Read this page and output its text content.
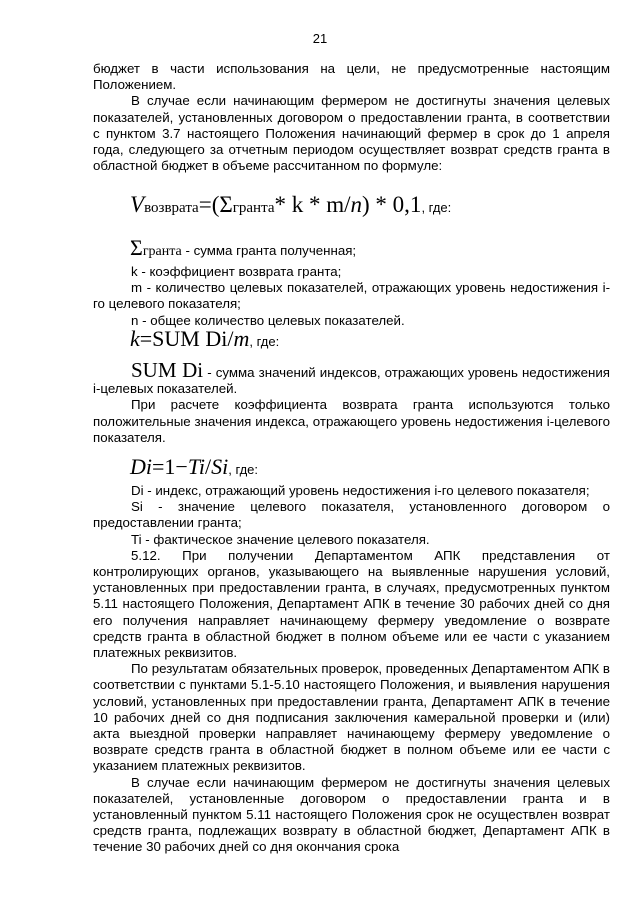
21

бюджет в части использования на цели, не предусмотренные настоящим Положением.

В случае если начинающим фермером не достигнуты значения целевых показателей, установленных договором о предоставлении гранта, в соответствии с пунктом 3.7 настоящего Положения начинающий фермер в срок до 1 апреля года, следующего за отчетным периодом осуществляет возврат средств гранта в областной бюджет в объеме рассчитанном по формуле:

Vвозврата=(Σгранта* k * m/n) * 0,1, где:
Σгранта - сумма гранта полученная;

k - коэффициент возврата гранта;

m - количество целевых показателей, отражающих уровень недостижения i-го целевого показателя;

n - общее количество целевых показателей.

k=SUM Di/m, где:

SUM Di - сумма значений индексов, отражающих уровень недостижения i-целевых показателей.

При расчете коэффициента возврата гранта используются только положительные значения индекса, отражающего уровень недостижения i-целевого показателя.

Di=1−Ti/Si, где:

Di - индекс, отражающий уровень недостижения i-го целевого показателя;

Si - значение целевого показателя, установленного договором о предоставлении гранта;

Ti - фактическое значение целевого показателя.

5.12. При получении Департаментом АПК представления от контролирующих органов, указывающего на выявленные нарушения условий, установленных при предоставлении гранта, в случаях, предусмотренных пунктом 5.11 настоящего Положения, Департамент АПК в течение 30 рабочих дней со дня его получения направляет начинающему фермеру уведомление о возврате средств гранта в областной бюджет в полном объеме или ее части с указанием платежных реквизитов.

По результатам обязательных проверок, проведенных Департаментом АПК в соответствии с пунктами 5.1-5.10 настоящего Положения, и выявления нарушения условий, установленных при предоставлении гранта, Департамент АПК в течение 10 рабочих дней со дня подписания заключения камеральной проверки и (или) акта выездной проверки направляет начинающему фермеру уведомление о возврате средств гранта в областной бюджет в полном объеме или ее части с указанием платежных реквизитов.

В случае если начинающим фермером не достигнуты значения целевых показателей, установленные договором о предоставлении гранта и в установленный пунктом 5.11 настоящего Положения срок не осуществлен возврат средств гранта, подлежащих возврату в областной бюджет, Департамент АПК в течение 30 рабочих дней со дня окончания срока
